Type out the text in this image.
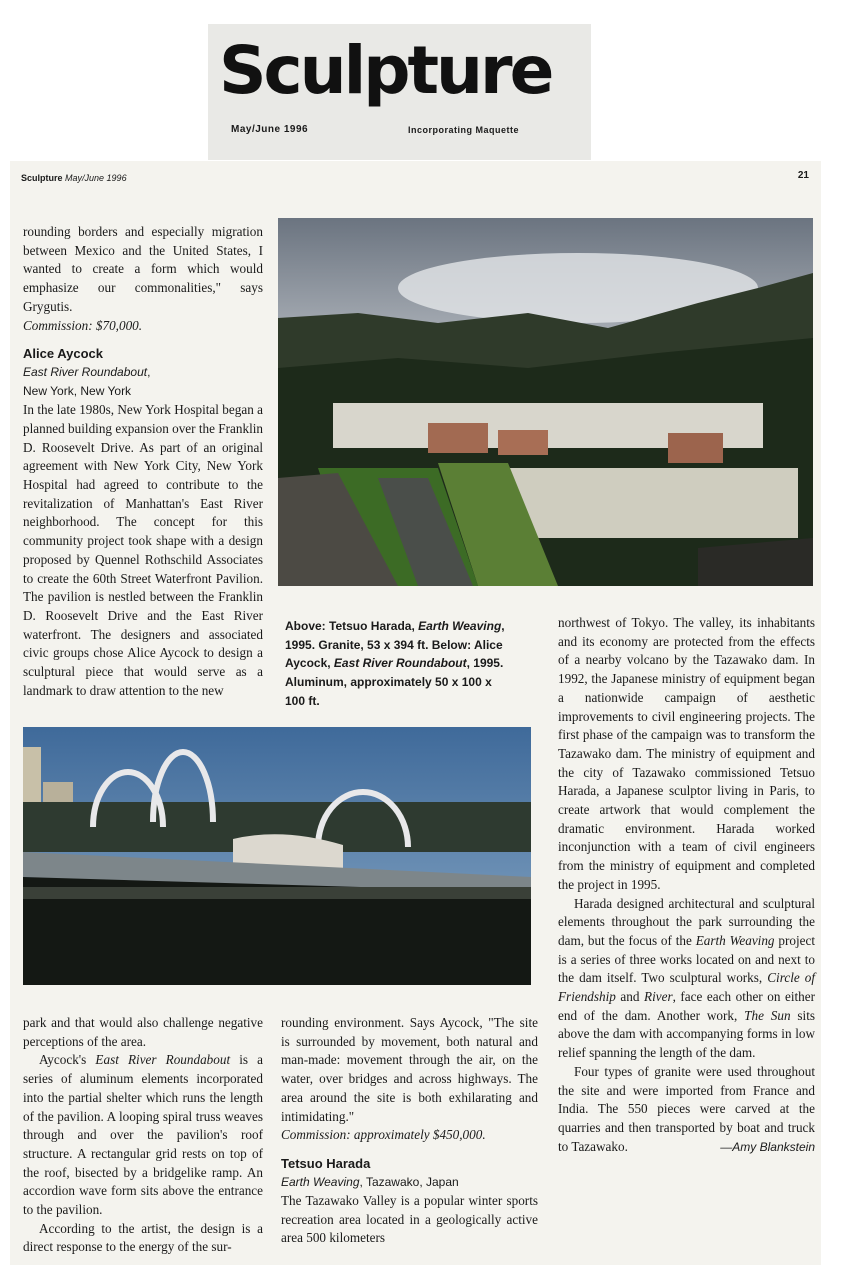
Sculpture
May/June 1996	Incorporating Maquette
Sculpture May/June 1996	21

rounding borders and especially migration between Mexico and the United States, I wanted to create a form which would emphasize our commonalities," says Grygutis.

Commission: $70,000.

Alice Aycock
East River Roundabout,
New York, New York

In the late 1980s, New York Hospital began a planned building expansion over the Franklin D. Roosevelt Drive. As part of an original agreement with New York City, New York Hospital had agreed to contribute to the revitalization of Manhattan's East River neighborhood. The concept for this community project took shape with a design proposed by Quennel Rothschild Associates to create the 60th Street Waterfront Pavilion. The pavilion is nestled between the Franklin D. Roosevelt Drive and the East River waterfront. The designers and associated civic groups chose Alice Aycock to design a sculptural piece that would serve as a landmark to draw attention to the new

Above: Tetsuo Harada, Earth Weaving, 1995. Granite, 53 x 394 ft. Below: Alice Aycock, East River Roundabout, 1995. Aluminum, approximately 50 x 100 x 100 ft.

park and that would also challenge negative perceptions of the area.

Aycock's East River Roundabout is a series of aluminum elements incorporated into the partial shelter which runs the length of the pavilion. A looping spiral truss weaves through and over the pavilion's roof structure. A rectangular grid rests on top of the roof, bisected by a bridgelike ramp. An accordion wave form sits above the entrance to the pavilion.

According to the artist, the design is a direct response to the energy of the sur-

rounding environment. Says Aycock, "The site is surrounded by movement, both natural and man-made: movement through the air, on the water, over bridges and across highways. The area around the site is both exhilarating and intimidating."

Commission: approximately $450,000.

Tetsuo Harada
Earth Weaving, Tazawako, Japan

The Tazawako Valley is a popular winter sports recreation area located in a geologically active area 500 kilometers

northwest of Tokyo. The valley, its inhabitants and its economy are protected from the effects of a nearby volcano by the Tazawako dam. In 1992, the Japanese ministry of equipment began a nationwide campaign of aesthetic improvements to civil engineering projects. The first phase of the campaign was to transform the Tazawako dam. The ministry of equipment and the city of Tazawako commissioned Tetsuo Harada, a Japanese sculptor living in Paris, to create artwork that would complement the dramatic environment. Harada worked inconjunction with a team of civil engineers from the ministry of equipment and completed the project in 1995.

Harada designed architectural and sculptural elements throughout the park surrounding the dam, but the focus of the Earth Weaving project is a series of three works located on and next to the dam itself. Two sculptural works, Circle of Friendship and River, face each other on either end of the dam. Another work, The Sun sits above the dam with accompanying forms in low relief spanning the length of the dam.

Four types of granite were used throughout the site and were imported from France and India. The 550 pieces were carved at the quarries and then transported by boat and truck to Tazawako.	—Amy Blankstein
